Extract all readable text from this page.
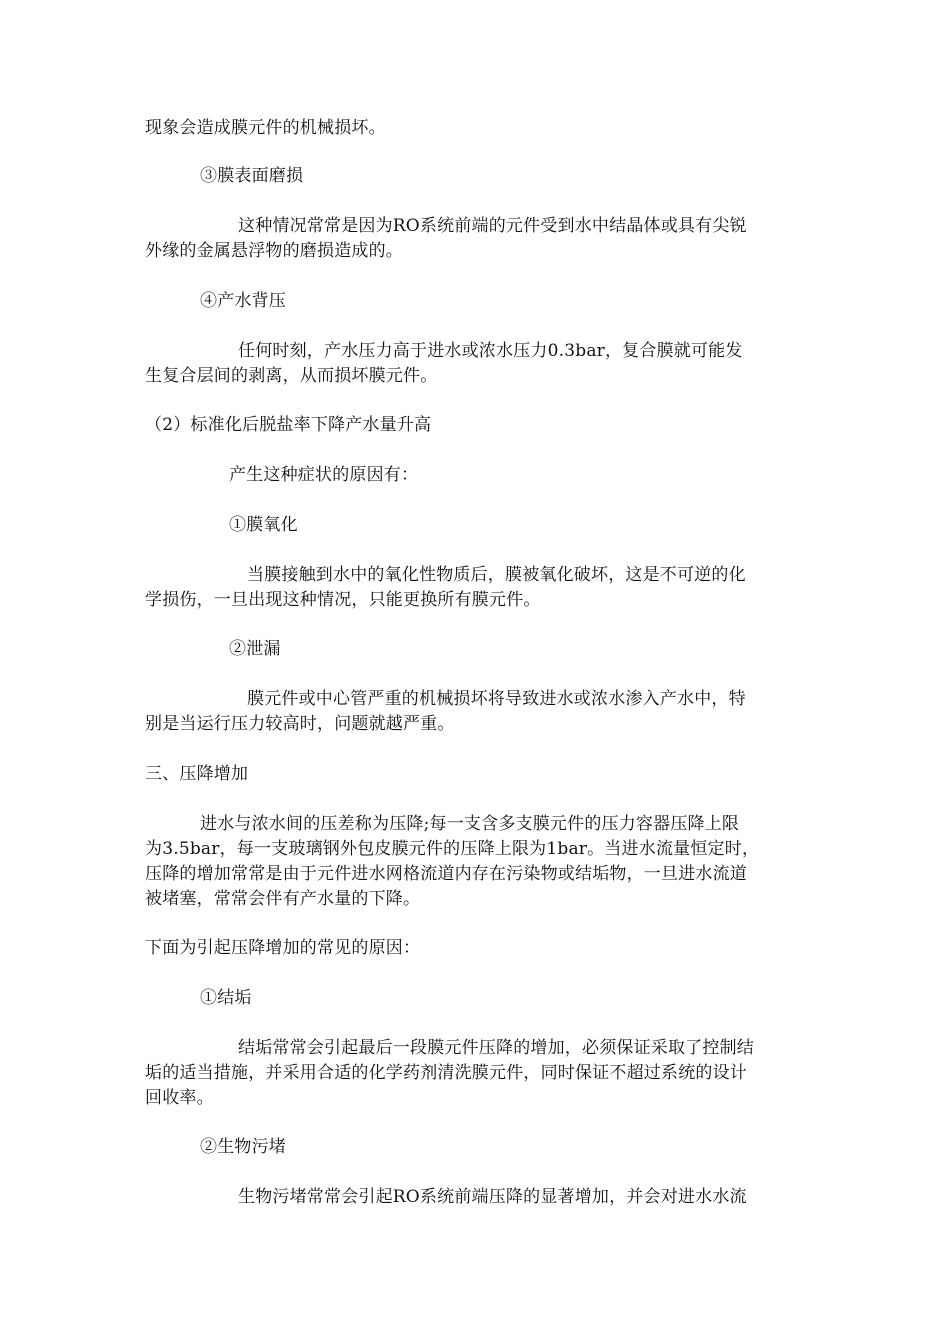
现象会造成膜元件的机械损坏。
③膜表面磨损
这种情况常常是因为RO系统前端的元件受到水中结晶体或具有尖锐
外缘的金属悬浮物的磨损造成的。
④产水背压
任何时刻，产水压力高于进水或浓水压力0.3bar，复合膜就可能发
生复合层间的剥离，从而损坏膜元件。
（2）标准化后脱盐率下降产水量升高
产生这种症状的原因有：
①膜氧化
当膜接触到水中的氧化性物质后，膜被氧化破坏，这是不可逆的化
学损伤，一旦出现这种情况，只能更换所有膜元件。
②泄漏
膜元件或中心管严重的机械损坏将导致进水或浓水渗入产水中，特
别是当运行压力较高时，问题就越严重。
三、压降增加
进水与浓水间的压差称为压降;每一支含多支膜元件的压力容器压降上限
为3.5bar，每一支玻璃钢外包皮膜元件的压降上限为1bar。当进水流量恒定时，
压降的增加常常是由于元件进水网格流道内存在污染物或结垢物，一旦进水流道
被堵塞，常常会伴有产水量的下降。
下面为引起压降增加的常见的原因：
①结垢
结垢常常会引起最后一段膜元件压降的增加，必须保证采取了控制结
垢的适当措施，并采用合适的化学药剂清洗膜元件，同时保证不超过系统的设计
回收率。
②生物污堵
生物污堵常常会引起RO系统前端压降的显著增加，并会对进水水流
